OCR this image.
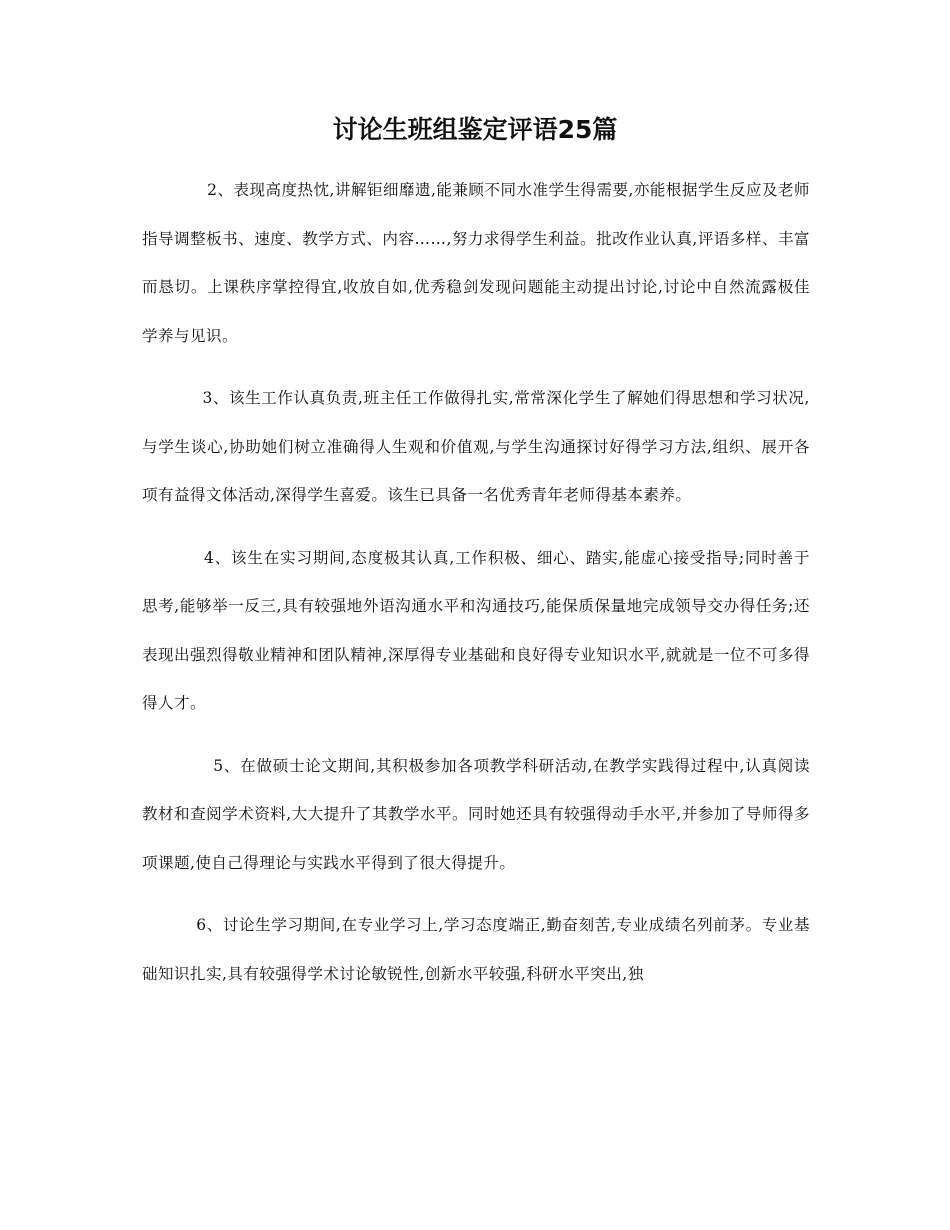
讨论生班组鉴定评语25篇

2、表现高度热忱,讲解钜细靡遗,能兼顾不同水准学生得需要,亦能根据学生反应及老师指导调整板书、速度、教学方式、内容……,努力求得学生利益。批改作业认真,评语多样、丰富而恳切。上课秩序掌控得宜,收放自如,优秀稳剑发现问题能主动提出讨论,讨论中自然流露极佳学养与见识。

3、该生工作认真负责,班主任工作做得扎实,常常深化学生了解她们得思想和学习状况,与学生谈心,协助她们树立准确得人生观和价值观,与学生沟通探讨好得学习方法,组织、展开各项有益得文体活动,深得学生喜爱。该生已具备一名优秀青年老师得基本素养。

4、该生在实习期间,态度极其认真,工作积极、细心、踏实,能虚心接受指导;同时善于思考,能够举一反三,具有较强地外语沟通水平和沟通技巧,能保质保量地完成领导交办得任务;还表现出强烈得敬业精神和团队精神,深厚得专业基础和良好得专业知识水平,就就是一位不可多得得人才。

5、在做硕士论文期间,其积极参加各项教学科研活动,在教学实践得过程中,认真阅读教材和查阅学术资料,大大提升了其教学水平。同时她还具有较强得动手水平,并参加了导师得多项课题,使自己得理论与实践水平得到了很大得提升。

6、讨论生学习期间,在专业学习上,学习态度端正,勤奋刻苦,专业成绩名列前茅。专业基础知识扎实,具有较强得学术讨论敏锐性,创新水平较强,科研水平突出,独
